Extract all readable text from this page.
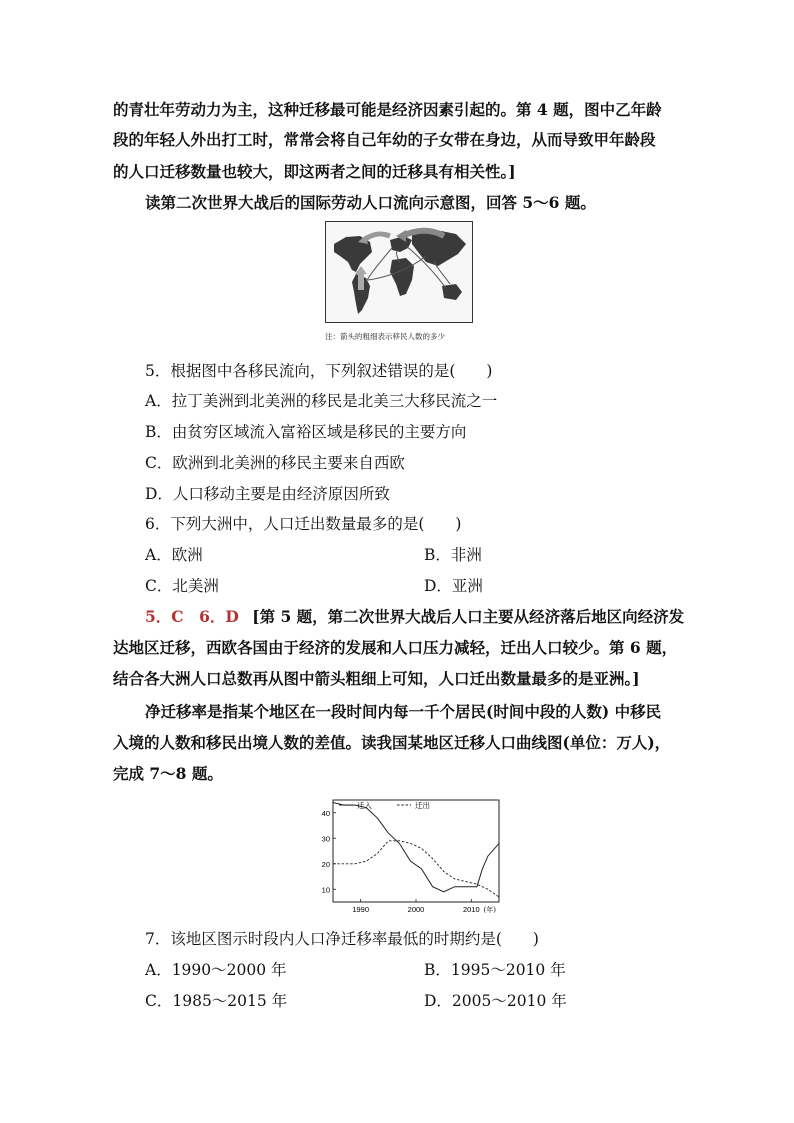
的青壮年劳动力为主，这种迁移最可能是经济因素引起的。第 4 题，图中乙年龄
段的年轻人外出打工时，常常会将自己年幼的子女带在身边，从而导致甲年龄段
的人口迁移数量也较大，即这两者之间的迁移具有相关性。]
读第二次世界大战后的国际劳动人口流向示意图，回答 5～6 题。
注：箭头的粗细表示移民人数的多少
5．根据图中各移民流向，下列叙述错误的是(　　)
A．拉丁美洲到北美洲的移民是北美三大移民流之一
B．由贫穷区域流入富裕区域是移民的主要方向
C．欧洲到北美洲的移民主要来自西欧
D．人口移动主要是由经济原因所致
6．下列大洲中，人口迁出数量最多的是(　　)
A．欧洲	B．非洲
C．北美洲	D．亚洲
5．C　6．D [第 5 题，第二次世界大战后人口主要从经济落后地区向经济发
达地区迁移，西欧各国由于经济的发展和人口压力减轻，迁出人口较少。第 6 题，
结合各大洲人口总数再从图中箭头粗细上可知，人口迁出数量最多的是亚洲。]
净迁移率是指某个地区在一段时间内每一千个居民(时间中段的人数) 中移民
入境的人数和移民出境人数的差值。读我国某地区迁移人口曲线图(单位：万人)，
完成 7～8 题。
10
20
30
40
1990	2000	2010 (年)
迁入	迁出
7．该地区图示时段内人口净迁移率最低的时期约是(　　)
A．1990～2000 年	B．1995～2010 年
C．1985～2015 年	D．2005～2010 年
